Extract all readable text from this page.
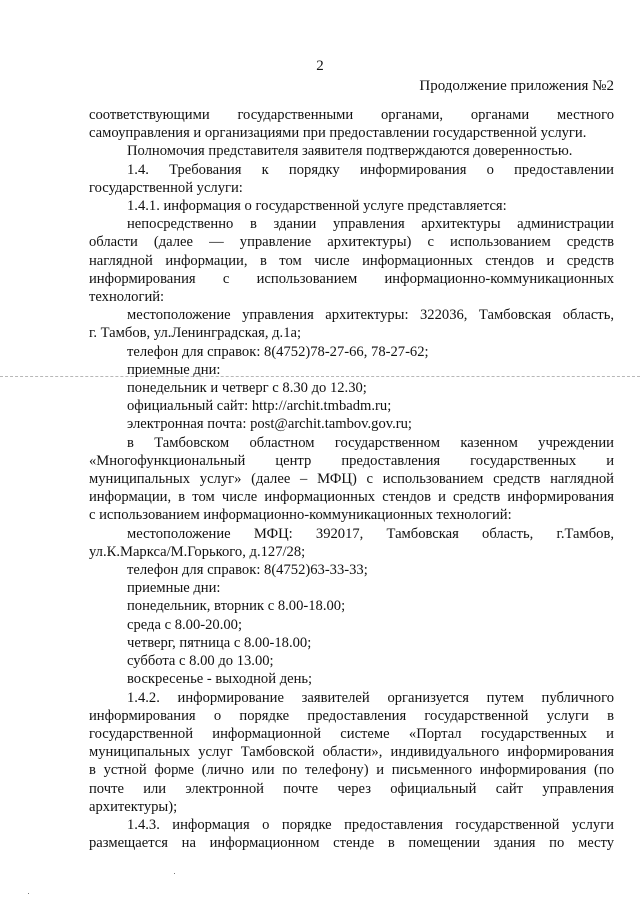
2
Продолжение приложения №2

соответствующими государственными органами, органами местного

самоуправления и организациями при предоставлении государственной услуги.

Полномочия представителя заявителя подтверждаются доверенностью.

1.4. Требования к порядку информирования о предоставлении

государственной услуги:

1.4.1. информация о государственной услуге представляется:

непосредственно в здании управления архитектуры администрации

области (далее — управление архитектуры) с использованием средств

наглядной информации, в том числе информационных стендов и средств

информирования с использованием информационно-коммуникационных

технологий:

местоположение управления архитектуры: 322036, Тамбовская область,

г. Тамбов, ул.Ленинградская, д.1а;

телефон для справок: 8(4752)78-27-66, 78-27-62;

приемные дни:

понедельник и четверг с 8.30 до 12.30;

официальный сайт: http://archit.tmbadm.ru;

электронная почта: post@archit.tambov.gov.ru;

в Тамбовском областном государственном казенном учреждении

«Многофункциональный центр предоставления государственных и

муниципальных услуг» (далее – МФЦ) с использованием средств наглядной

информации, в том числе информационных стендов и средств информирования

с использованием информационно-коммуникационных технологий:

местоположение МФЦ: 392017, Тамбовская область, г.Тамбов,

ул.К.Маркса/М.Горького, д.127/28;

телефон для справок: 8(4752)63-33-33;

приемные дни:

понедельник, вторник с 8.00-18.00;

среда с 8.00-20.00;

четверг, пятница с 8.00-18.00;

суббота с 8.00 до 13.00;

воскресенье - выходной день;

1.4.2. информирование заявителей организуется путем публичного

информирования о порядке предоставления государственной услуги в

государственной информационной системе «Портал государственных и

муниципальных услуг Тамбовской области», индивидуального информирования

в устной форме (лично или по телефону) и письменного информирования (по

почте или электронной почте через официальный сайт управления

архитектуры);

1.4.3. информация о порядке предоставления государственной услуги

размещается на информационном стенде в помещении здания по месту
